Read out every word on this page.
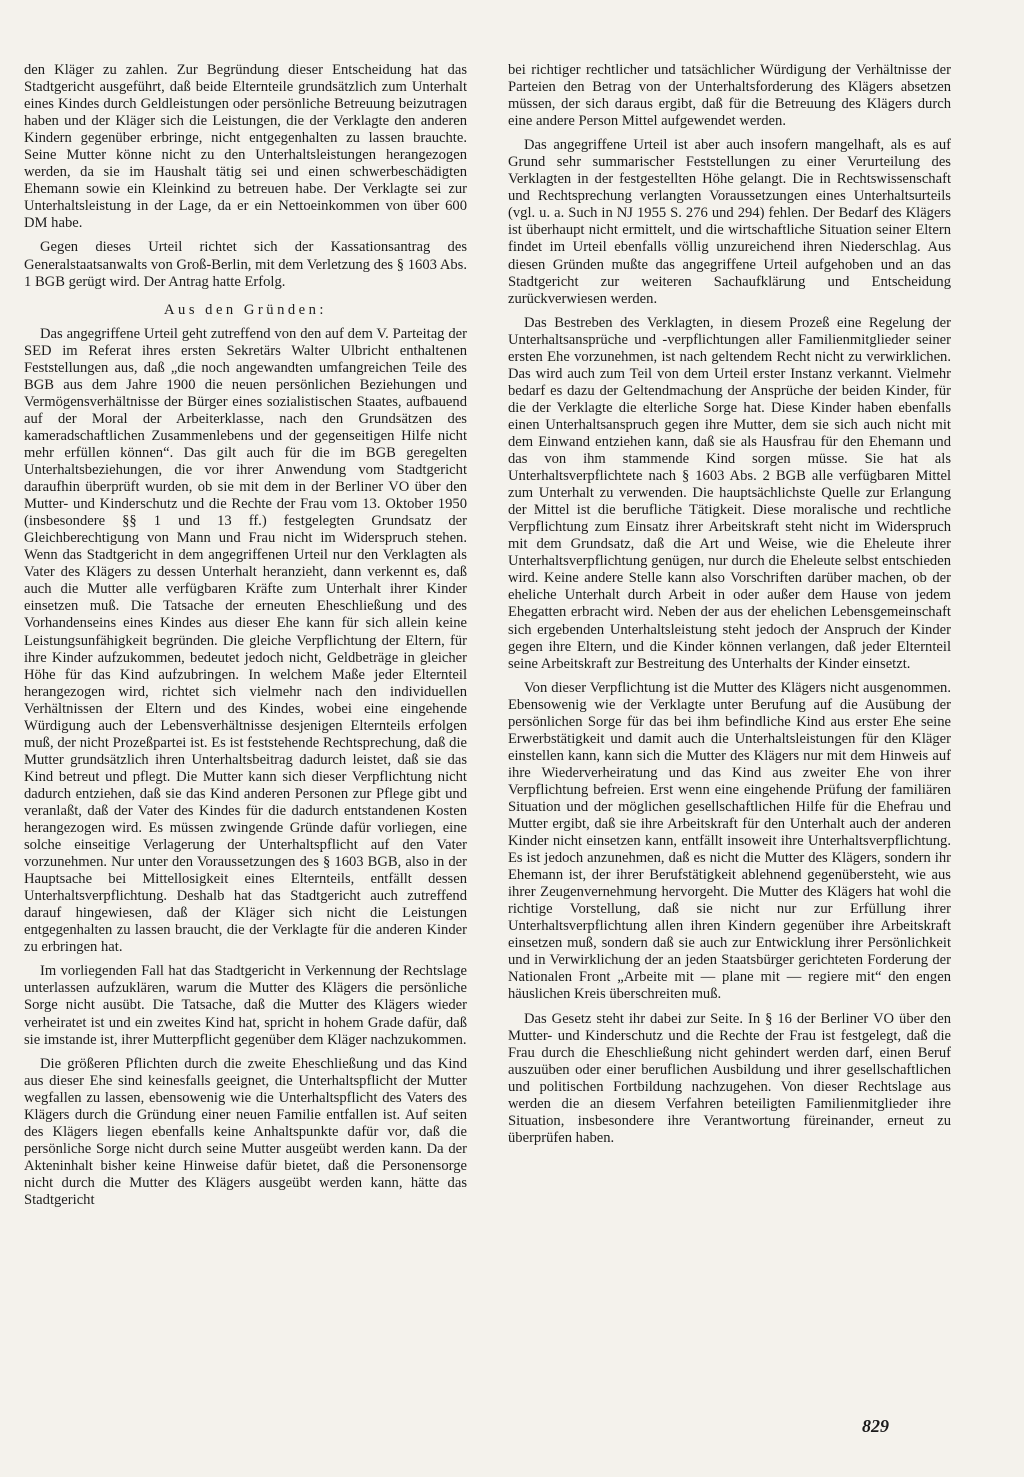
den Kläger zu zahlen. Zur Begründung dieser Entscheidung hat das Stadtgericht ausgeführt, daß beide Elternteile grundsätzlich zum Unterhalt eines Kindes durch Geldleistungen oder persönliche Betreuung beizutragen haben und der Kläger sich die Leistungen, die der Verklagte den anderen Kindern gegenüber erbringe, nicht entgegenhalten zu lassen brauchte. Seine Mutter könne nicht zu den Unterhaltsleistungen herangezogen werden, da sie im Haushalt tätig sei und einen schwerbeschädigten Ehemann sowie ein Kleinkind zu betreuen habe. Der Verklagte sei zur Unterhaltsleistung in der Lage, da er ein Nettoeinkommen von über 600 DM habe.

Gegen dieses Urteil richtet sich der Kassationsantrag des Generalstaatsanwalts von Groß-Berlin, mit dem Verletzung des § 1603 Abs. 1 BGB gerügt wird. Der Antrag hatte Erfolg.

Aus den Gründen:

Das angegriffene Urteil geht zutreffend von den auf dem V. Parteitag der SED im Referat ihres ersten Sekretärs Walter Ulbricht enthaltenen Feststellungen aus, daß „die noch angewandten umfangreichen Teile des BGB aus dem Jahre 1900 die neuen persönlichen Beziehungen und Vermögensverhältnisse der Bürger eines sozialistischen Staates, aufbauend auf der Moral der Arbeiterklasse, nach den Grundsätzen des kameradschaftlichen Zusammenlebens und der gegenseitigen Hilfe nicht mehr erfüllen können“. Das gilt auch für die im BGB geregelten Unterhaltsbeziehungen, die vor ihrer Anwendung vom Stadtgericht daraufhin überprüft wurden, ob sie mit dem in der Berliner VO über den Mutter- und Kinderschutz und die Rechte der Frau vom 13. Oktober 1950 (insbesondere §§ 1 und 13 ff.) festgelegten Grundsatz der Gleichberechtigung von Mann und Frau nicht im Widerspruch stehen. Wenn das Stadtgericht in dem angegriffenen Urteil nur den Verklagten als Vater des Klägers zu dessen Unterhalt heranzieht, dann verkennt es, daß auch die Mutter alle verfügbaren Kräfte zum Unterhalt ihrer Kinder einsetzen muß. Die Tatsache der erneuten Eheschließung und des Vorhandenseins eines Kindes aus dieser Ehe kann für sich allein keine Leistungsunfähigkeit begründen. Die gleiche Verpflichtung der Eltern, für ihre Kinder aufzukommen, bedeutet jedoch nicht, Geldbeträge in gleicher Höhe für das Kind aufzubringen. In welchem Maße jeder Elternteil herangezogen wird, richtet sich vielmehr nach den individuellen Verhältnissen der Eltern und des Kindes, wobei eine eingehende Würdigung auch der Lebensverhältnisse desjenigen Elternteils erfolgen muß, der nicht Prozeßpartei ist. Es ist feststehende Rechtsprechung, daß die Mutter grundsätzlich ihren Unterhaltsbeitrag dadurch leistet, daß sie das Kind betreut und pflegt. Die Mutter kann sich dieser Verpflichtung nicht dadurch entziehen, daß sie das Kind anderen Personen zur Pflege gibt und veranlaßt, daß der Vater des Kindes für die dadurch entstandenen Kosten herangezogen wird. Es müssen zwingende Gründe dafür vorliegen, eine solche einseitige Verlagerung der Unterhaltspflicht auf den Vater vorzunehmen. Nur unter den Voraussetzungen des § 1603 BGB, also in der Hauptsache bei Mittellosigkeit eines Elternteils, entfällt dessen Unterhaltsverpflichtung. Deshalb hat das Stadtgericht auch zutreffend darauf hingewiesen, daß der Kläger sich nicht die Leistungen entgegenhalten zu lassen braucht, die der Verklagte für die anderen Kinder zu erbringen hat.

Im vorliegenden Fall hat das Stadtgericht in Verkennung der Rechtslage unterlassen aufzuklären, warum die Mutter des Klägers die persönliche Sorge nicht ausübt. Die Tatsache, daß die Mutter des Klägers wieder verheiratet ist und ein zweites Kind hat, spricht in hohem Grade dafür, daß sie imstande ist, ihrer Mutterpflicht gegenüber dem Kläger nachzukommen.

Die größeren Pflichten durch die zweite Eheschließung und das Kind aus dieser Ehe sind keinesfalls geeignet, die Unterhaltspflicht der Mutter wegfallen zu lassen, ebensowenig wie die Unterhaltspflicht des Vaters des Klägers durch die Gründung einer neuen Familie entfallen ist. Auf seiten des Klägers liegen ebenfalls keine Anhaltspunkte dafür vor, daß die persönliche Sorge nicht durch seine Mutter ausgeübt werden kann. Da der Akteninhalt bisher keine Hinweise dafür bietet, daß die Personensorge nicht durch die Mutter des Klägers ausgeübt werden kann, hätte das Stadtgericht

bei richtiger rechtlicher und tatsächlicher Würdigung der Verhältnisse der Parteien den Betrag von der Unterhaltsforderung des Klägers absetzen müssen, der sich daraus ergibt, daß für die Betreuung des Klägers durch eine andere Person Mittel aufgewendet werden.

Das angegriffene Urteil ist aber auch insofern mangelhaft, als es auf Grund sehr summarischer Feststellungen zu einer Verurteilung des Verklagten in der festgestellten Höhe gelangt. Die in Rechtswissenschaft und Rechtsprechung verlangten Voraussetzungen eines Unterhaltsurteils (vgl. u. a. Such in NJ 1955 S. 276 und 294) fehlen. Der Bedarf des Klägers ist überhaupt nicht ermittelt, und die wirtschaftliche Situation seiner Eltern findet im Urteil ebenfalls völlig unzureichend ihren Niederschlag. Aus diesen Gründen mußte das angegriffene Urteil aufgehoben und an das Stadtgericht zur weiteren Sachaufklärung und Entscheidung zurückverwiesen werden.

Das Bestreben des Verklagten, in diesem Prozeß eine Regelung der Unterhaltsansprüche und -verpflichtungen aller Familienmitglieder seiner ersten Ehe vorzunehmen, ist nach geltendem Recht nicht zu verwirklichen. Das wird auch zum Teil von dem Urteil erster Instanz verkannt. Vielmehr bedarf es dazu der Geltendmachung der Ansprüche der beiden Kinder, für die der Verklagte die elterliche Sorge hat. Diese Kinder haben ebenfalls einen Unterhaltsanspruch gegen ihre Mutter, dem sie sich auch nicht mit dem Einwand entziehen kann, daß sie als Hausfrau für den Ehemann und das von ihm stammende Kind sorgen müsse. Sie hat als Unterhaltsverpflichtete nach § 1603 Abs. 2 BGB alle verfügbaren Mittel zum Unterhalt zu verwenden. Die hauptsächlichste Quelle zur Erlangung der Mittel ist die berufliche Tätigkeit. Diese moralische und rechtliche Verpflichtung zum Einsatz ihrer Arbeitskraft steht nicht im Widerspruch mit dem Grundsatz, daß die Art und Weise, wie die Eheleute ihrer Unterhaltsverpflichtung genügen, nur durch die Eheleute selbst entschieden wird. Keine andere Stelle kann also Vorschriften darüber machen, ob der eheliche Unterhalt durch Arbeit in oder außer dem Hause von jedem Ehegatten erbracht wird. Neben der aus der ehelichen Lebensgemeinschaft sich ergebenden Unterhaltsleistung steht jedoch der Anspruch der Kinder gegen ihre Eltern, und die Kinder können verlangen, daß jeder Elternteil seine Arbeitskraft zur Bestreitung des Unterhalts der Kinder einsetzt.

Von dieser Verpflichtung ist die Mutter des Klägers nicht ausgenommen. Ebensowenig wie der Verklagte unter Berufung auf die Ausübung der persönlichen Sorge für das bei ihm befindliche Kind aus erster Ehe seine Erwerbstätigkeit und damit auch die Unterhaltsleistungen für den Kläger einstellen kann, kann sich die Mutter des Klägers nur mit dem Hinweis auf ihre Wiederverheiratung und das Kind aus zweiter Ehe von ihrer Verpflichtung befreien. Erst wenn eine eingehende Prüfung der familiären Situation und der möglichen gesellschaftlichen Hilfe für die Ehefrau und Mutter ergibt, daß sie ihre Arbeitskraft für den Unterhalt auch der anderen Kinder nicht einsetzen kann, entfällt insoweit ihre Unterhaltsverpflichtung. Es ist jedoch anzunehmen, daß es nicht die Mutter des Klägers, sondern ihr Ehemann ist, der ihrer Berufstätigkeit ablehnend gegenübersteht, wie aus ihrer Zeugenvernehmung hervorgeht. Die Mutter des Klägers hat wohl die richtige Vorstellung, daß sie nicht nur zur Erfüllung ihrer Unterhaltsverpflichtung allen ihren Kindern gegenüber ihre Arbeitskraft einsetzen muß, sondern daß sie auch zur Entwicklung ihrer Persönlichkeit und in Verwirklichung der an jeden Staatsbürger gerichteten Forderung der Nationalen Front „Arbeite mit — plane mit — regiere mit“ den engen häuslichen Kreis überschreiten muß.

Das Gesetz steht ihr dabei zur Seite. In § 16 der Berliner VO über den Mutter- und Kinderschutz und die Rechte der Frau ist festgelegt, daß die Frau durch die Eheschließung nicht gehindert werden darf, einen Beruf auszuüben oder einer beruflichen Ausbildung und ihrer gesellschaftlichen und politischen Fortbildung nachzugehen. Von dieser Rechtslage aus werden die an diesem Verfahren beteiligten Familienmitglieder ihre Situation, insbesondere ihre Verantwortung füreinander, erneut zu überprüfen haben.

829
